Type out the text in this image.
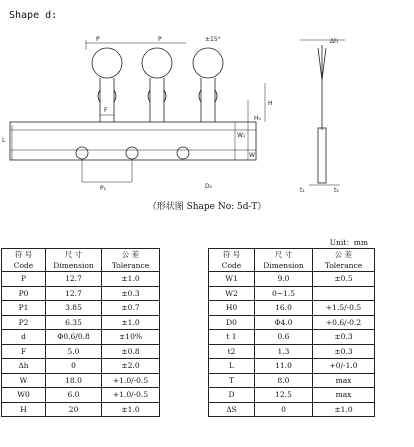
Shape d:
P	P	±15°
H
H₀
W₁
W
L
P₁	D₀
F
Δh
t₁	t₂
（形状图 Shape No: 5d-T）
Unit：mm
符 号	尺 寸	公 差
Code	Dimension	Tolerance
P	12.7	±1.0
P0	12.7	±0.3
P1	3.85	±0.7
P2	6.35	±1.0
d	Φ0.6/0.8	±10%
F	5.0	±0.8
Δh	0	±2.0
W	18.0	+1.0/-0.5
W0	6.0	+1.0/-0.5
H	20	±1.0
符 号	尺 寸	公 差
Code	Dimension	Tolerance
W1	9.0	±0.5
W2	0~1.5	
H0	16.0	+1.5/-0.5
D0	Φ4.0	+0.6/-0.2
t 1	0.6	±0.3
t2	1.3	±0.3
L	11.0	+0/-1.0
T	8.0	max
D	12.5	max
ΔS	0	±1.0
